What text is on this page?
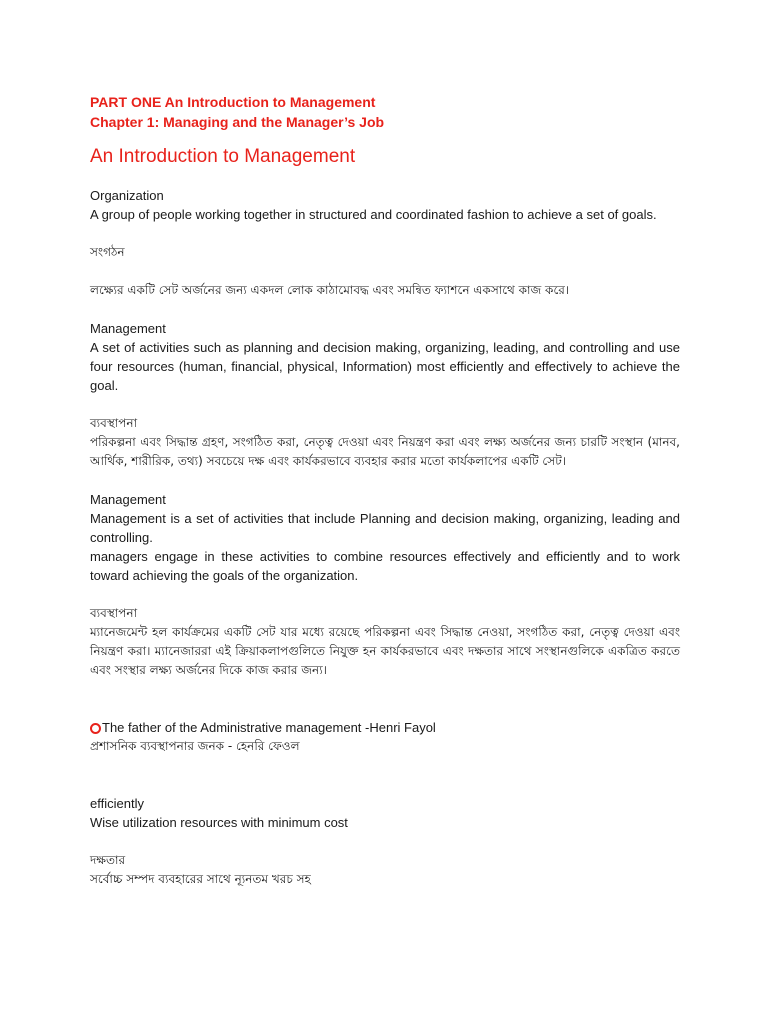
PART ONE An Introduction to Management

Chapter 1: Managing and the Manager’s Job

An Introduction to Management

Organization

A group of people working together in structured and coordinated fashion to achieve a set of goals.

সংগঠন

লক্ষ্যের একটি সেট অর্জনের জন্য একদল লোক কাঠামোবদ্ধ এবং সমন্বিত ফ্যাশনে একসাথে কাজ করে।

Management

A set of activities such as planning and decision making, organizing, leading, and controlling and use four resources (human, financial, physical, Information) most efficiently and effectively to achieve the goal.

ব্যবস্থাপনা

পরিকল্পনা এবং সিদ্ধান্ত গ্রহণ, সংগঠিত করা, নেতৃত্ব দেওয়া এবং নিয়ন্ত্রণ করা এবং লক্ষ্য অর্জনের জন্য চারটি সংস্থান (মানব, আর্থিক, শারীরিক, তথ্য) সবচেয়ে দক্ষ এবং কার্যকরভাবে ব্যবহার করার মতো কার্যকলাপের একটি সেট।

Management

Management is a set of activities that include Planning and decision making, organizing, leading and controlling.

managers engage in these activities to combine resources effectively and efficiently and to work toward achieving the goals of the organization.

ব্যবস্থাপনা

ম্যানেজমেন্ট হল কার্যক্রমের একটি সেট যার মধ্যে রয়েছে পরিকল্পনা এবং সিদ্ধান্ত নেওয়া, সংগঠিত করা, নেতৃত্ব দেওয়া এবং নিয়ন্ত্রণ করা। ম্যানেজাররা এই ক্রিয়াকলাপগুলিতে নিযুক্ত হন কার্যকরভাবে এবং দক্ষতার সাথে সংস্থানগুলিকে একত্রিত করতে এবং সংস্থার লক্ষ্য অর্জনের দিকে কাজ করার জন্য।

The father of the Administrative management -Henri Fayol

প্রশাসনিক ব্যবস্থাপনার জনক - হেনরি ফেওল

efficiently

Wise utilization resources with minimum cost

দক্ষতার

সর্বোচ্চ সম্পদ ব্যবহারের সাথে ন্যূনতম খরচ সহ
